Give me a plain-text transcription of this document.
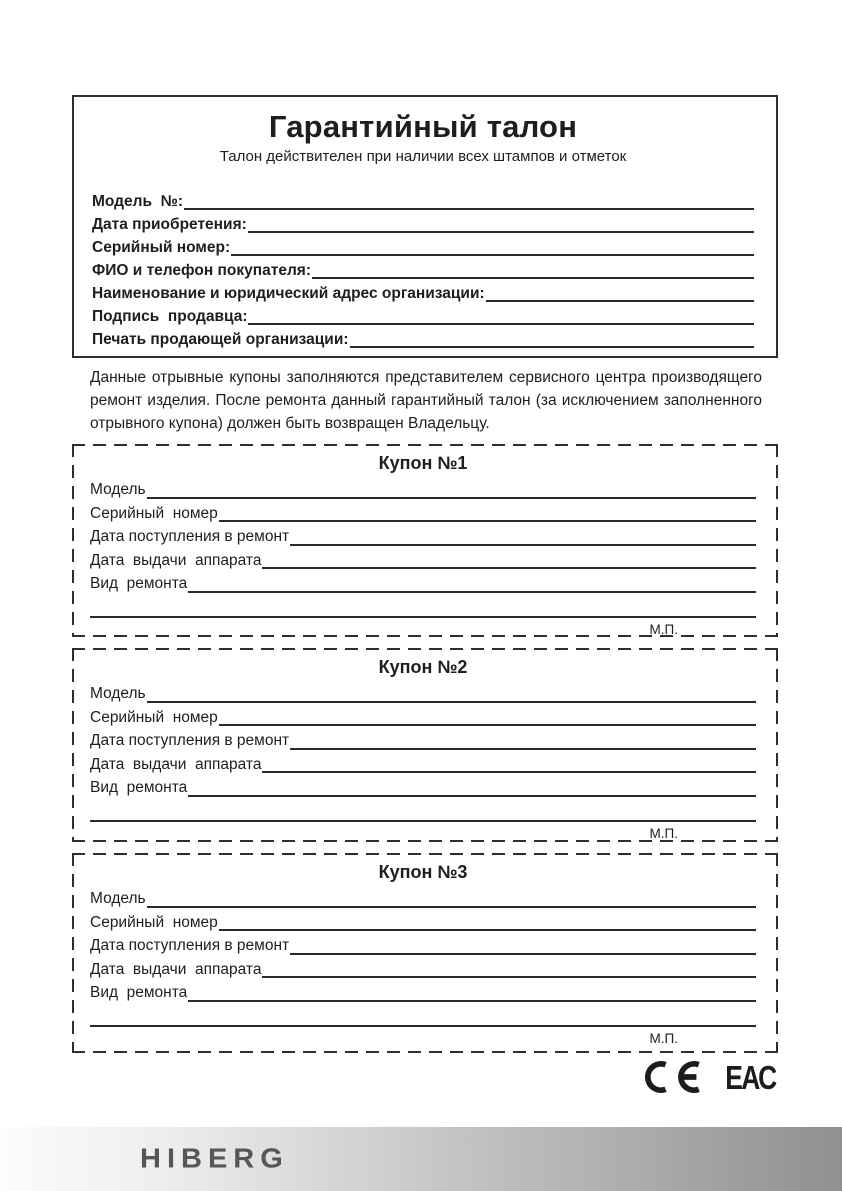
Гарантийный талон
Талон действителен при наличии всех штампов и отметок
Модель  №:
Дата приобретения:
Серийный номер:
ФИО и телефон покупателя:
Наименование и юридический адрес организации:
Подпись  продавца:
Печать продающей организации:

Данные отрывные купоны заполняются представителем сервисного центра производящего ремонт изделия. После ремонта данный гарантийный талон (за исключением заполненного отрывного купона) должен быть возвращен Владельцу.

Купон №1
Модель
Серийный  номер
Дата поступления в ремонт
Дата  выдачи  аппарата
Вид  ремонта
М.П.
Купон №2
Модель
Серийный  номер
Дата поступления в ремонт
Дата  выдачи  аппарата
Вид  ремонта
М.П.
Купон №3
Модель
Серийный  номер
Дата поступления в ремонт
Дата  выдачи  аппарата
Вид  ремонта
М.П.
ЕАС
HIBERG
